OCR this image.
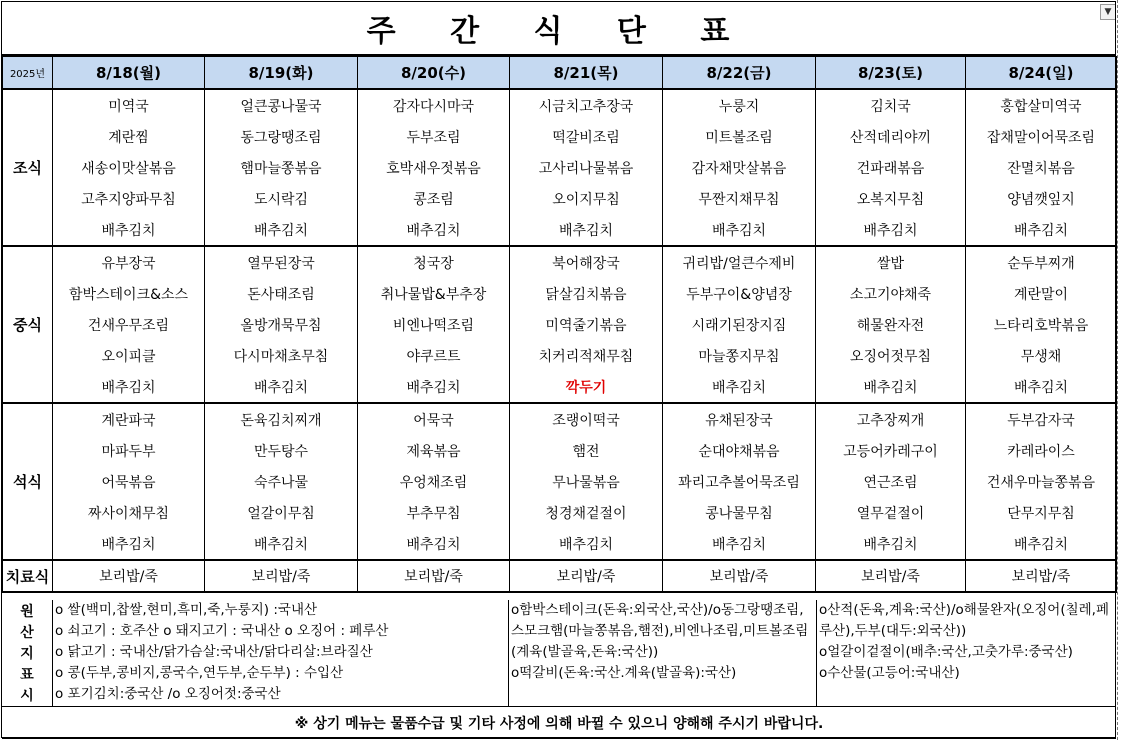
주 간 식 단 표
▼
2025년	8/18(월)	8/19(화)	8/20(수)	8/21(목)	8/22(금)	8/23(토)	8/24(일)
조식	미역국	얼큰콩나물국	감자다시마국	시금치고추장국	누룽지	김치국	홍합살미역국
	계란찜	동그랑땡조림	두부조림	떡갈비조림	미트볼조림	산적데리야끼	잡채말이어묵조림
	새송이맛살볶음	햄마늘쫑볶음	호박새우젓볶음	고사리나물볶음	감자채맛살볶음	건파래볶음	잔멸치볶음
	고추지양파무침	도시락김	콩조림	오이지무침	무짠지채무침	오복지무침	양념깻잎지
	배추김치	배추김치	배추김치	배추김치	배추김치	배추김치	배추김치
중식	유부장국	열무된장국	청국장	북어해장국	귀리밥/얼큰수제비	쌀밥	순두부찌개
	함박스테이크&소스	돈사태조림	취나물밥&부추장	닭살김치볶음	두부구이&양념장	소고기야채죽	계란말이
	건새우무조림	올방개묵무침	비엔나떡조림	미역줄기볶음	시래기된장지짐	해물완자전	느타리호박볶음
	오이피클	다시마채초무침	야쿠르트	치커리적채무침	마늘쫑지무침	오징어젓무침	무생채
	배추김치	배추김치	배추김치	깍두기	배추김치	배추김치	배추김치
석식	계란파국	돈육김치찌개	어묵국	조랭이떡국	유채된장국	고추장찌개	두부감자국
	마파두부	만두탕수	제육볶음	햄전	순대야채볶음	고등어카레구이	카레라이스
	어묵볶음	숙주나물	우엉채조림	무나물볶음	꽈리고추볼어묵조림	연근조림	건새우마늘쫑볶음
	짜사이채무침	얼갈이무침	부추무침	청경채겉절이	콩나물무침	열무겉절이	단무지무침
	배추김치	배추김치	배추김치	배추김치	배추김치	배추김치	배추김치
치료식	보리밥/죽	보리밥/죽	보리밥/죽	보리밥/죽	보리밥/죽	보리밥/죽	보리밥/죽
원
산
지
표
시
ο 쌀(백미,찹쌀,현미,흑미,죽,누룽지) :국내산
ο 쇠고기 : 호주산 ο 돼지고기 : 국내산 ο 오징어 : 페루산
ο 닭고기 : 국내산/닭가슴살:국내산/닭다리살:브라질산
ο 콩(두부,콩비지,콩국수,연두부,순두부) : 수입산
ο 포기김치:중국산 /ο 오징어젓:중국산
ο함박스테이크(돈육:외국산,국산)/ο동그랑땡조림,스모크햄(마늘쫑볶음,햄전),비엔나조림,미트볼조림(계육(발골육,돈육:국산))
ο떡갈비(돈육:국산.계육(발골육):국산)
ο산적(돈육,계육:국산)/ο해물완자(오징어(칠레,페루산),두부(대두:외국산))
ο얼갈이겉절이(배추:국산,고춧가루:중국산)
ο수산물(고등어:국내산)
※ 상기 메뉴는 물품수급 및 기타 사정에 의해 바뀔 수 있으니 양해해 주시기 바랍니다.
